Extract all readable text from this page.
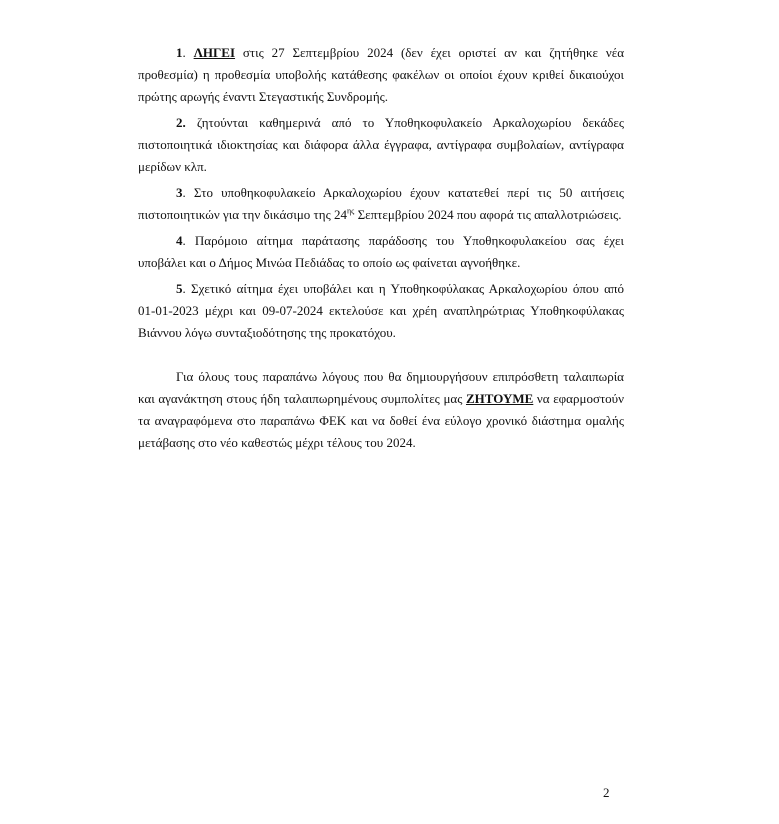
1. ΛΗΓΕΙ στις 27 Σεπτεμβρίου 2024 (δεν έχει οριστεί αν και ζητήθηκε νέα προθεσμία) η προθεσμία υποβολής κατάθεσης φακέλων οι οποίοι έχουν κριθεί δικαιούχοι πρώτης αρωγής έναντι Στεγαστικής Συνδρομής.

2. ζητούνται καθημερινά από το Υποθηκοφυλακείο Αρκαλοχωρίου δεκάδες πιστοποιητικά ιδιοκτησίας και διάφορα άλλα έγγραφα, αντίγραφα συμβολαίων, αντίγραφα μερίδων κλπ.

3. Στο υποθηκοφυλακείο Αρκαλοχωρίου έχουν κατατεθεί περί τις 50 αιτήσεις πιστοποιητικών για την δικάσιμο της $24^{\eta\varsigma}$ Σεπτεμβρίου 2024 που αφορά τις απαλλοτριώσεις.

4. Παρόμοιο αίτημα παράτασης παράδοσης του Υποθηκοφυλακείου σας έχει υποβάλει και ο Δήμος Μινώα Πεδιάδας το οποίο ως φαίνεται αγνοήθηκε.

5. Σχετικό αίτημα έχει υποβάλει και η Υποθηκοφύλακας Αρκαλοχωρίου όπου από 01-01-2023 μέχρι και 09-07-2024 εκτελούσε και χρέη αναπληρώτριας Υποθηκοφύλακας Βιάννου λόγω συνταξιοδότησης της προκατόχου.

Για όλους τους παραπάνω λόγους που θα δημιουργήσουν επιπρόσθετη ταλαιπωρία και αγανάκτηση στους ήδη ταλαιπωρημένους συμπολίτες μας ΖΗΤΟΥΜΕ να εφαρμοστούν τα αναγραφόμενα στο παραπάνω ΦΕΚ και να δοθεί ένα εύλογο χρονικό διάστημα ομαλής μετάβασης στο νέο καθεστώς μέχρι τέλους του 2024.

2
